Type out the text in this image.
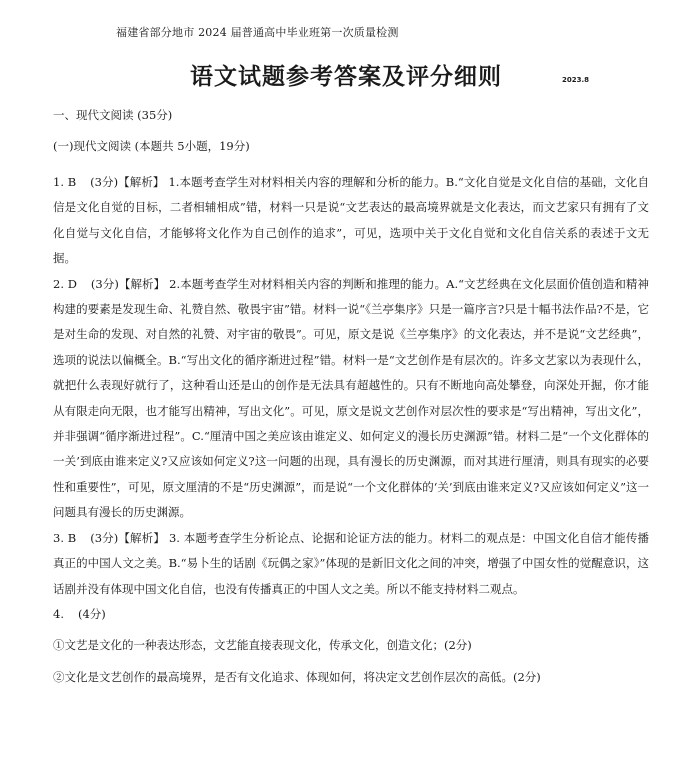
福建省部分地市 2024 届普通高中毕业班第一次质量检测
语文试题参考答案及评分细则	2023.8
一、现代文阅读 (35分)
(一)现代文阅读 (本题共 5小题，19分)

1. B (3分)【解析】 1.本题考查学生对材料相关内容的理解和分析的能力。B.“文化自觉是文化自信的基础，文化自信是文化自觉的目标，二者相辅相成”错，材料一只是说“文艺表达的最高境界就是文化表达，而文艺家只有拥有了文化自觉与文化自信，才能够将文化作为自己创作的追求”，可见，选项中关于文化自觉和文化自信关系的表述于文无据。

2. D (3分)【解析】 2.本题考查学生对材料相关内容的判断和推理的能力。A.“文艺经典在文化层面价值创造和精神构建的要素是发现生命、礼赞自然、敬畏宇宙”错。材料一说“《兰亭集序》只是一篇序言?只是十幅书法作品?不是，它是对生命的发现、对自然的礼赞、对宇宙的敬畏”。可见，原文是说《兰亭集序》的文化表达，并不是说“文艺经典”，选项的说法以偏概全。B.“写出文化的循序渐进过程”错。材料一是“文艺创作是有层次的。许多文艺家以为表现什么，就把什么表现好就行了，这种看山还是山的创作是无法具有超越性的。只有不断地向高处攀登，向深处开掘，你才能从有限走向无限，也才能写出精神，写出文化”。可见，原文是说文艺创作对层次性的要求是“写出精神，写出文化”，并非强调“循序渐进过程”。C.“厘清中国之美应该由谁定义、如何定义的漫长历史渊源”错。材料二是“一个文化群体的一关’到底由谁来定义?又应该如何定义?这一问题的出现，具有漫长的历史渊源，而对其进行厘清，则具有现实的必要性和重要性”，可见，原文厘清的不是“历史渊源”，而是说“一个文化群体的‘关’到底由谁来定义?又应该如何定义”这一问题具有漫长的历史渊源。

3. B (3分)【解析】 3. 本题考查学生分析论点、论据和论证方法的能力。材料二的观点是：中国文化自信才能传播真正的中国人文之美。B.“易卜生的话剧《玩偶之家》”体现的是新旧文化之间的冲突，增强了中国女性的觉醒意识，这话剧并没有体现中国文化自信，也没有传播真正的中国人文之美。所以不能支持材料二观点。

4. (4分)

①文艺是文化的一种表达形态，文艺能直接表现文化，传承文化，创造文化；(2分)

②文化是文艺创作的最高境界，是否有文化追求、体现如何，将决定文艺创作层次的高低。(2分)
